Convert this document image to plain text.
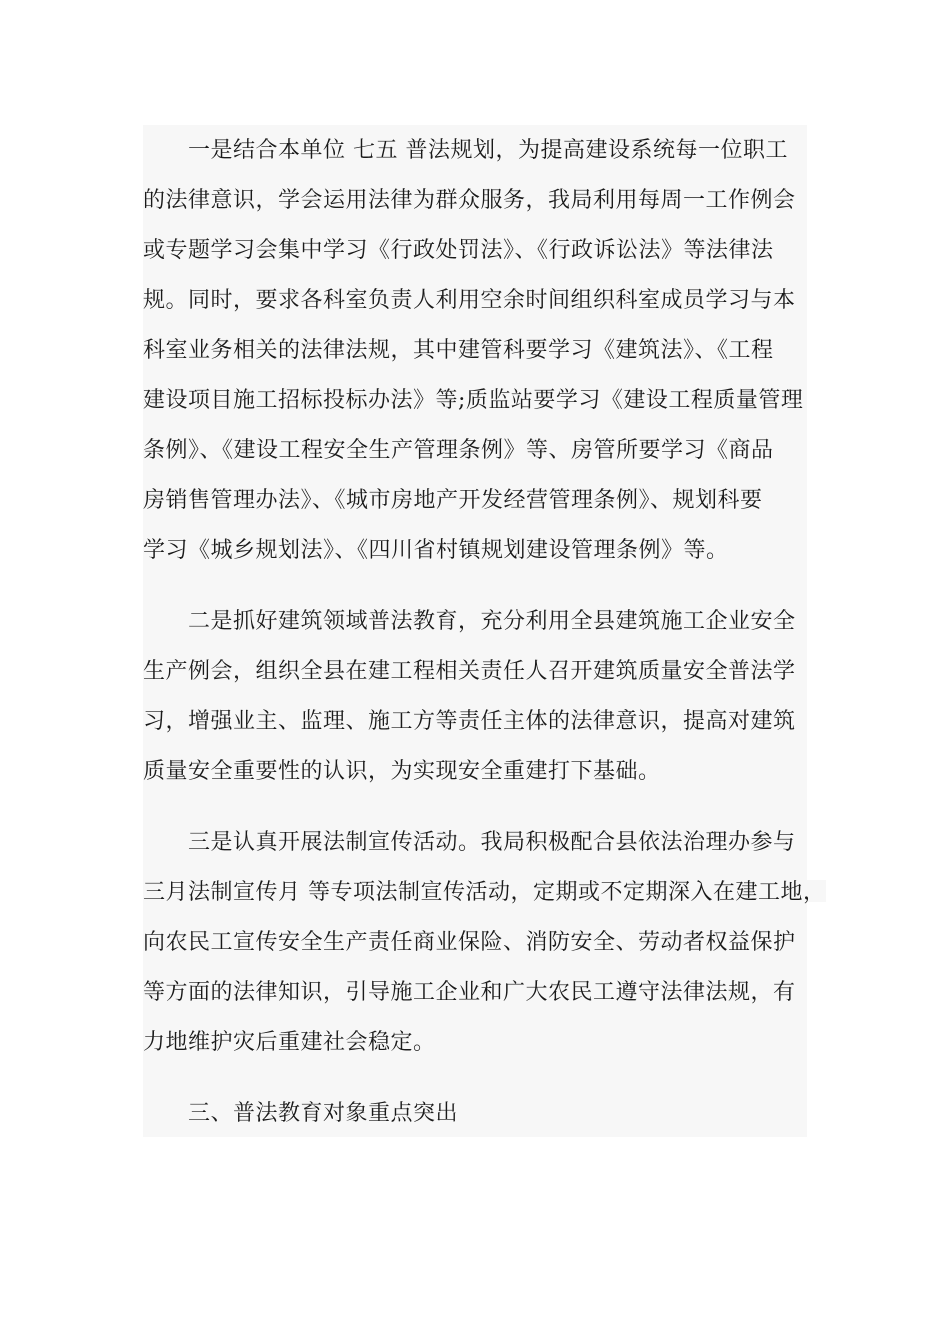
　　一是结合本单位 七五 普法规划，为提高建设系统每一位职工
的法律意识，学会运用法律为群众服务，我局利用每周一工作例会
或专题学习会集中学习《行政处罚法》、《行政诉讼法》等法律法
规。同时，要求各科室负责人利用空余时间组织科室成员学习与本
科室业务相关的法律法规，其中建管科要学习《建筑法》、《工程
建设项目施工招标投标办法》等;质监站要学习《建设工程质量管理
条例》、《建设工程安全生产管理条例》等、房管所要学习《商品
房销售管理办法》、《城市房地产开发经营管理条例》、规划科要
学习《城乡规划法》、《四川省村镇规划建设管理条例》等。
　　二是抓好建筑领域普法教育，充分利用全县建筑施工企业安全
生产例会，组织全县在建工程相关责任人召开建筑质量安全普法学
习，增强业主、监理、施工方等责任主体的法律意识，提高对建筑
质量安全重要性的认识，为实现安全重建打下基础。
　　三是认真开展法制宣传活动。我局积极配合县依法治理办参与
三月法制宣传月 等专项法制宣传活动，定期或不定期深入在建工地，
向农民工宣传安全生产责任商业保险、消防安全、劳动者权益保护
等方面的法律知识，引导施工企业和广大农民工遵守法律法规，有
力地维护灾后重建社会稳定。
　　三、普法教育对象重点突出
